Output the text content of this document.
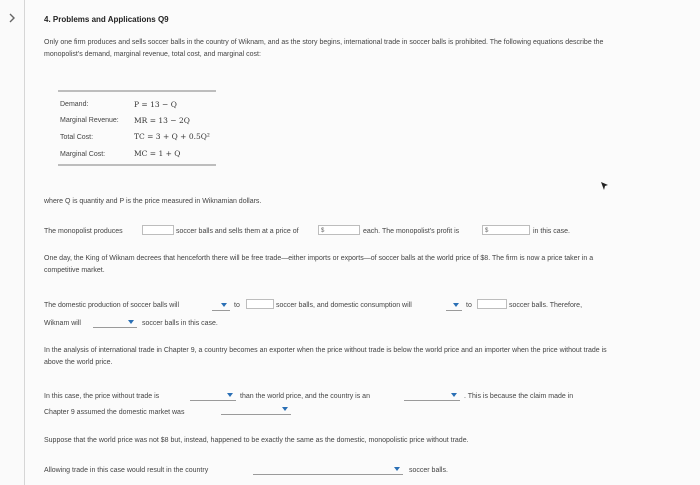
4. Problems and Applications Q9
Only one firm produces and sells soccer balls in the country of Wiknam, and as the story begins, international trade in soccer balls is prohibited. The following equations describe the monopolist's demand, marginal revenue, total cost, and marginal cost:
Demand:	P = 13 − Q
Marginal Revenue: MR = 13 − 2Q
Total Cost:	TC = 3 + Q + 0.5Q²
Marginal Cost:	MC = 1 + Q
where Q is quantity and P is the price measured in Wiknamian dollars.
The monopolist produces	soccer balls and sells them at a price of	$	each. The monopolist's profit is	$	in this case.
One day, the King of Wiknam decrees that henceforth there will be free trade—either imports or exports—of soccer balls at the world price of $8. The firm is now a price taker in a competitive market.
The domestic production of soccer balls will	to	soccer balls, and domestic consumption will	to	soccer balls. Therefore,
Wiknam will	soccer balls in this case.
In the analysis of international trade in Chapter 9, a country becomes an exporter when the price without trade is below the world price and an importer when the price without trade is above the world price.
In this case, the price without trade is	than the world price, and the country is an	. This is because the claim made in
Chapter 9 assumed the domestic market was
Suppose that the world price was not $8 but, instead, happened to be exactly the same as the domestic, monopolistic price without trade.
Allowing trade in this case would result in the country	soccer balls.
